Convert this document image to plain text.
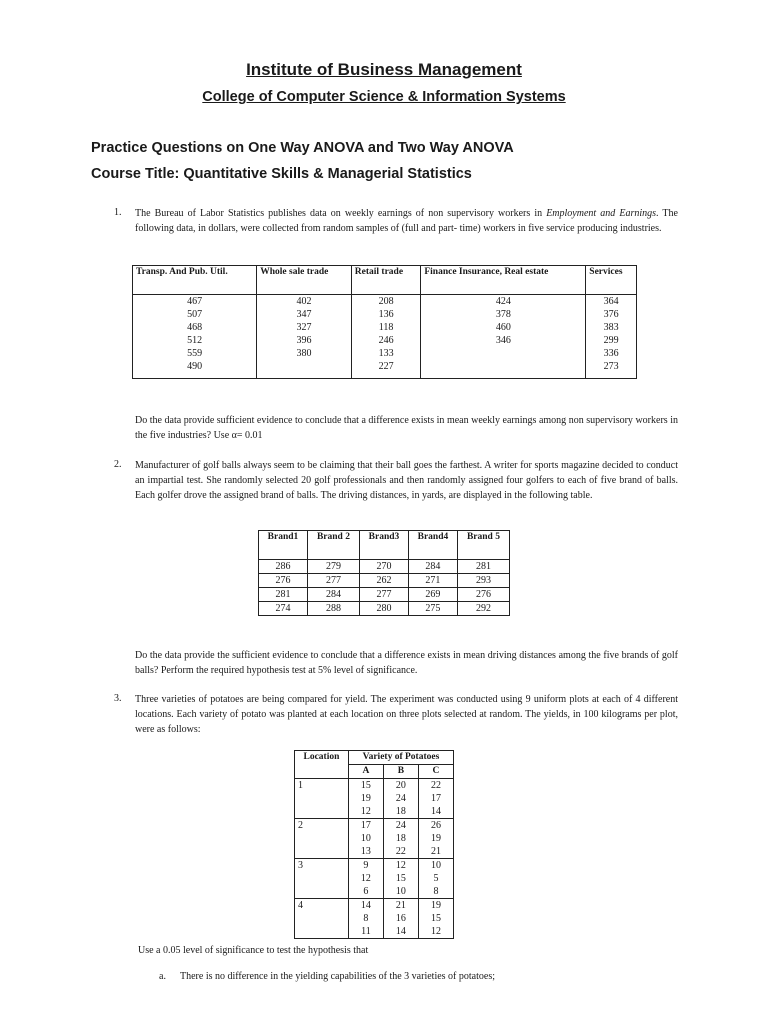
Institute of Business Management
College of Computer Science & Information Systems
Practice Questions on One Way ANOVA and Two Way ANOVA
Course Title: Quantitative Skills & Managerial Statistics
1. The Bureau of Labor Statistics publishes data on weekly earnings of non supervisory workers in Employment and Earnings. The following data, in dollars, were collected from random samples of (full and part- time) workers in five service producing industries.
Transp. And Pub. Util.	Whole sale trade	Retail trade	Finance Insurance, Real estate	Services
467	402	208	424	364
507	347	136	378	376
468	327	118	460	383
512	396	246	346	299
559	380	133		336
490		227		273
Do the data provide sufficient evidence to conclude that a difference exists in mean weekly earnings among non supervisory workers in the five industries? Use α= 0.01
2. Manufacturer of golf balls always seem to be claiming that their ball goes the farthest. A writer for sports magazine decided to conduct an impartial test. She randomly selected 20 golf professionals and then randomly assigned four golfers to each of five brand of balls. Each golfer drove the assigned brand of balls. The driving distances, in yards, are displayed in the following table.
Brand1	Brand 2	Brand3	Brand4	Brand 5
286	279	270	284	281
276	277	262	271	293
281	284	277	269	276
274	288	280	275	292
Do the data provide the sufficient evidence to conclude that a difference exists in mean driving distances among the five brands of golf balls? Perform the required hypothesis test at 5% level of significance.
3. Three varieties of potatoes are being compared for yield. The experiment was conducted using 9 uniform plots at each of 4 different locations. Each variety of potato was planted at each location on three plots selected at random. The yields, in 100 kilograms per plot, were as follows:
Location	Variety of Potatoes		
	A	B	C
1	15	20	22
	19	24	17
	12	18	14
2	17	24	26
	10	18	19
	13	22	21
3	9	12	10
	12	15	5
	6	10	8
4	14	21	19
	8	16	15
	11	14	12
Use a 0.05 level of significance to test the hypothesis that
a. There is no difference in the yielding capabilities of the 3 varieties of potatoes;
